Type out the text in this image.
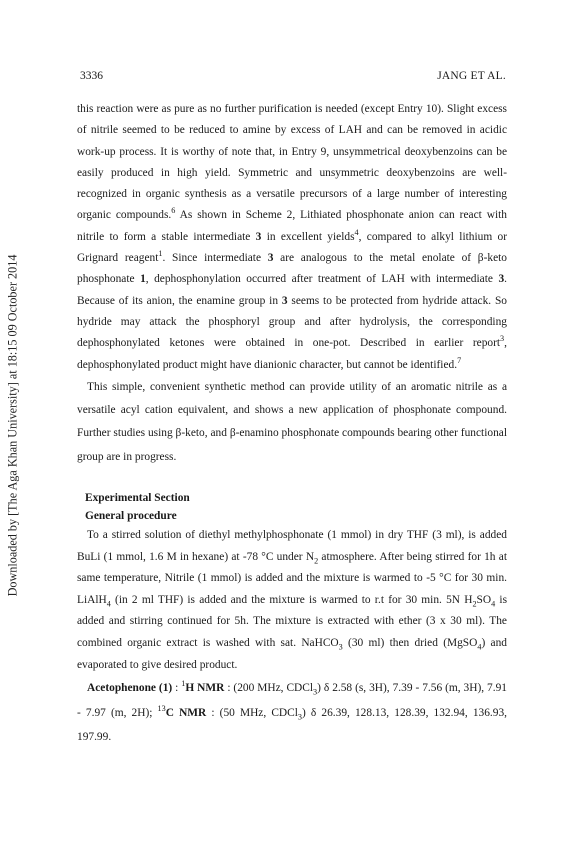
Downloaded by [The Aga Khan University] at 18:15 09 October 2014
3336	JANG ET AL.

this reaction were as pure as no further purification is needed (except Entry 10). Slight excess of nitrile seemed to be reduced to amine by excess of LAH and can be removed in acidic work-up process. It is worthy of note that, in Entry 9, unsymmetrical deoxybenzoins can be easily produced in high yield. Symmetric and unsymmetric deoxybenzoins are well-recognized in organic synthesis as a versatile precursors of a large number of interesting organic compounds.$^6$ As shown in Scheme 2, Lithiated phosphonate anion can react with nitrile to form a stable intermediate 3 in excellent yields$^4$, compared to alkyl lithium or Grignard reagent$^1$. Since intermediate 3 are analogous to the metal enolate of β-keto phosphonate 1, dephosphonylation occurred after treatment of LAH with intermediate 3. Because of its anion, the enamine group in 3 seems to be protected from hydride attack. So hydride may attack the phosphoryl group and after hydrolysis, the corresponding dephosphonylated ketones were obtained in one-pot. Described in earlier report$^3$, dephosphonylated product might have dianionic character, but cannot be identified.$^7$

This simple, convenient synthetic method can provide utility of an aromatic nitrile as a versatile acyl cation equivalent, and shows a new application of phosphonate compound. Further studies using β-keto, and β-enamino phosphonate compounds bearing other functional group are in progress.

Experimental Section
General procedure

To a stirred solution of diethyl methylphosphonate (1 mmol) in dry THF (3 ml), is added BuLi (1 mmol, 1.6 M in hexane) at -78 °C under $N_2$ atmosphere. After being stirred for 1h at same temperature, Nitrile (1 mmol) is added and the mixture is warmed to -5 °C for 30 min. LiAlH$_4$ (in 2 ml THF) is added and the mixture is warmed to r.t for 30 min. 5N $H_2SO_4$ is added and stirring continued for 5h. The mixture is extracted with ether (3 x 30 ml). The combined organic extract is washed with sat. NaHCO$_3$ (30 ml) then dried (MgSO$_4$) and evaporated to give desired product.

Acetophenone (1) : $^1$H NMR : (200 MHz, CDCl$_3$) δ 2.58 (s, 3H), 7.39 - 7.56 (m, 3H), 7.91 - 7.97 (m, 2H); $^{13}$C NMR : (50 MHz, CDCl$_3$) δ 26.39, 128.13, 128.39, 132.94, 136.93, 197.99.
